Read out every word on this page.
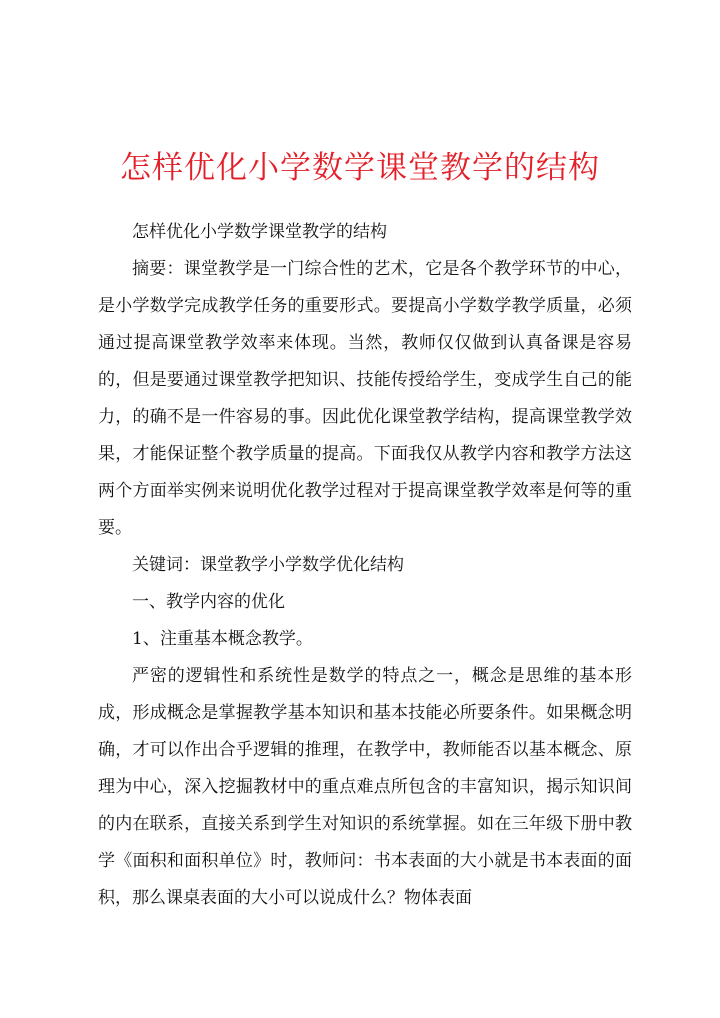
怎样优化小学数学课堂教学的结构

怎样优化小学数学课堂教学的结构

摘要：课堂教学是一门综合性的艺术，它是各个教学环节的中心，是小学数学完成教学任务的重要形式。要提高小学数学教学质量，必须通过提高课堂教学效率来体现。当然，教师仅仅做到认真备课是容易的，但是要通过课堂教学把知识、技能传授给学生，变成学生自己的能力，的确不是一件容易的事。因此优化课堂教学结构，提高课堂教学效果，才能保证整个教学质量的提高。下面我仅从教学内容和教学方法这两个方面举实例来说明优化教学过程对于提高课堂教学效率是何等的重要。

关键词：课堂教学小学数学优化结构

一、教学内容的优化

1、注重基本概念教学。

严密的逻辑性和系统性是数学的特点之一，概念是思维的基本形成，形成概念是掌握教学基本知识和基本技能必所要条件。如果概念明确，才可以作出合乎逻辑的推理，在教学中，教师能否以基本概念、原理为中心，深入挖掘教材中的重点难点所包含的丰富知识，揭示知识间的内在联系，直接关系到学生对知识的系统掌握。如在三年级下册中教学《面积和面积单位》时，教师问：书本表面的大小就是书本表面的面积，那么课桌表面的大小可以说成什么？物体表面
